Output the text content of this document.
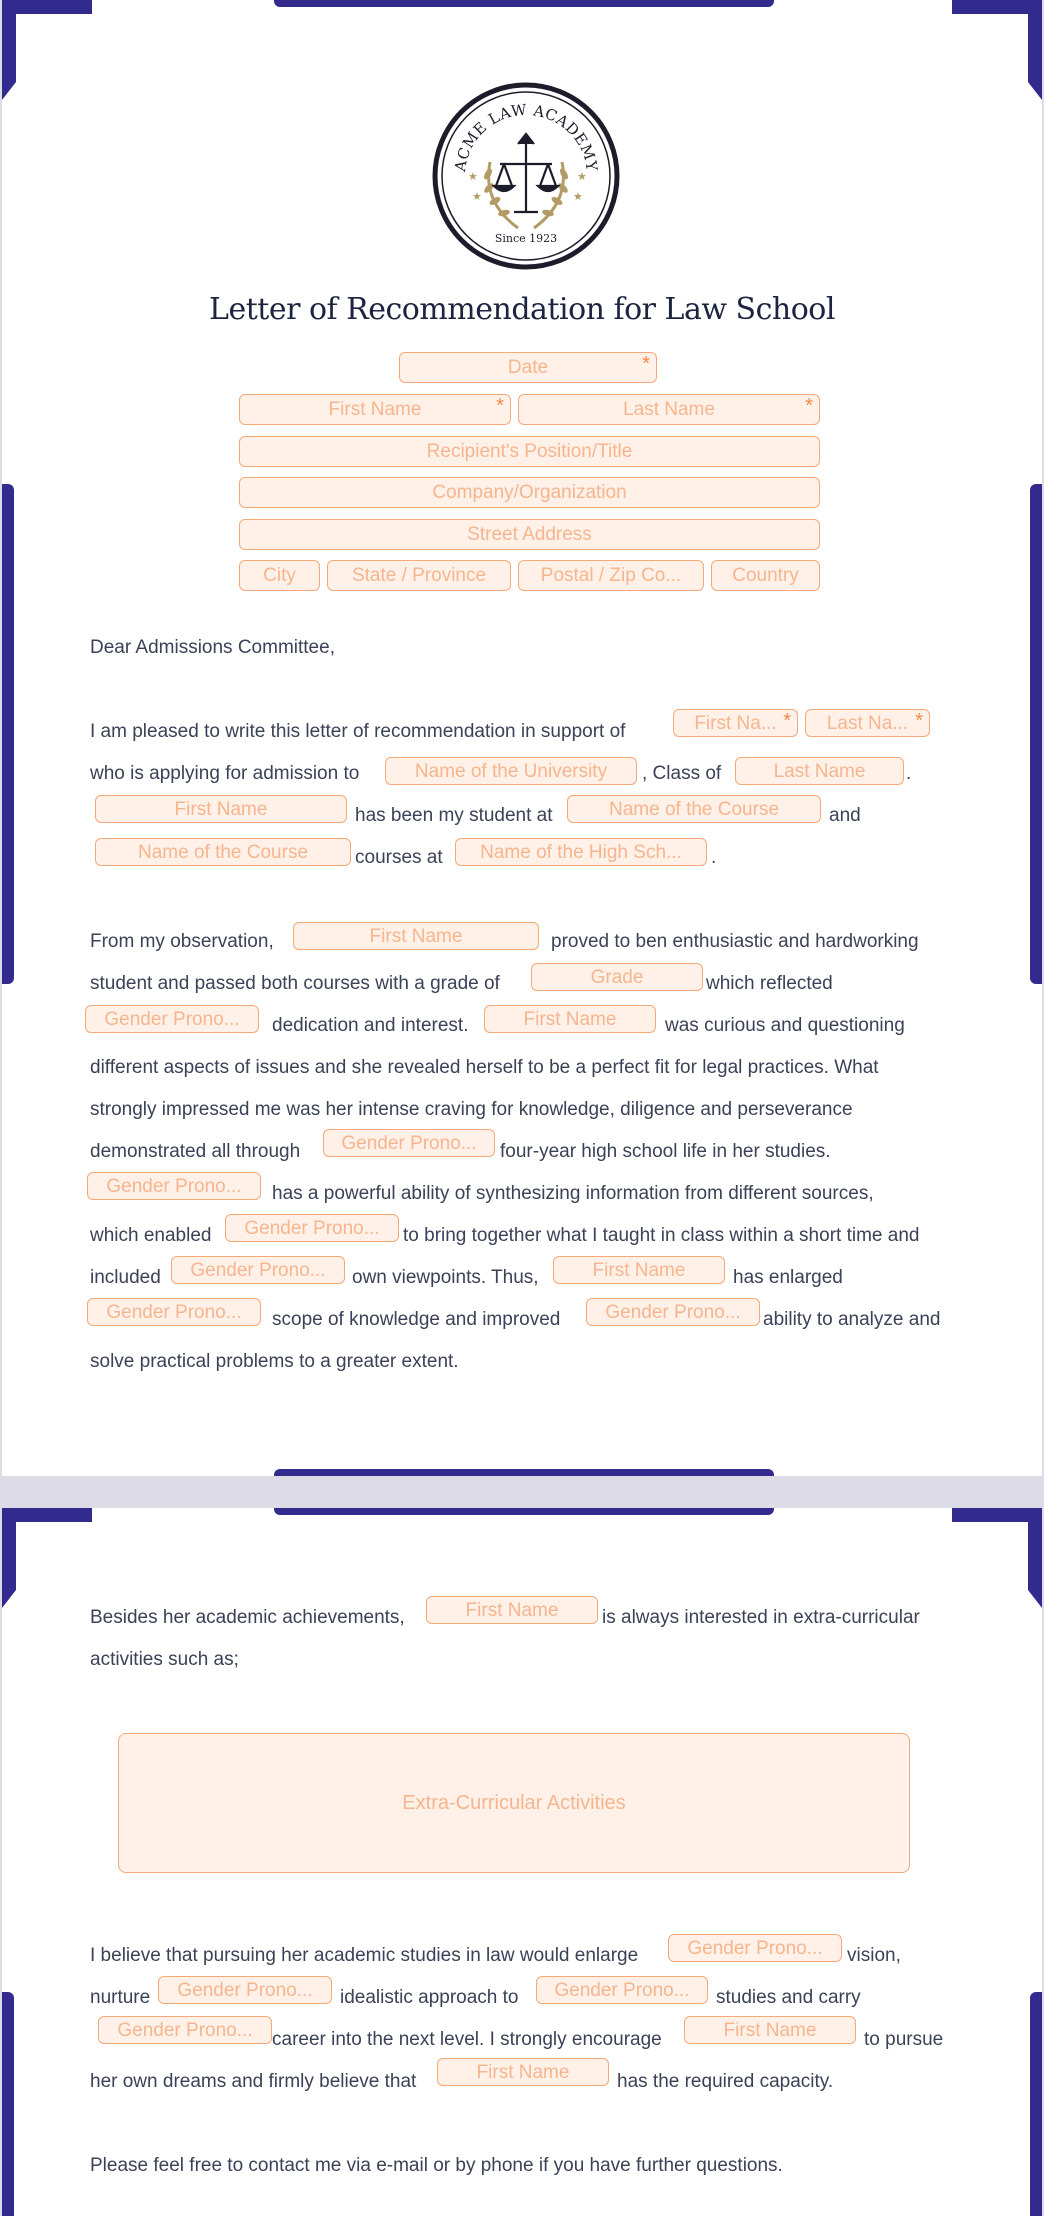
ACME LAW ACADEMY
★
★
★
★
Since 1923
Letter of Recommendation for Law School
Date	*
First Name	*	Last Name	*
Recipient's Position/Title
Company/Organization
Street Address
City	State / Province	Postal / Zip Co...	Country
Dear Admissions Committee,
I am pleased to write this letter of recommendation in support of	First Na... * Last Na... *
who is applying for admission to	Name of the University , Class of	Last Name .
First Name	has been my student at	Name of the Course	and
Name of the Course courses at Name of the High Sch... .
From my observation,	First Name	proved to ben enthusiastic and hardworking
student and passed both courses with a grade of	Grade	which reflected
Gender Prono... dedication and interest.	First Name	was curious and questioning
different aspects of issues and she revealed herself to be a perfect fit for legal practices. What
strongly impressed me was her intense craving for knowledge, diligence and perseverance
demonstrated all through Gender Prono... four-year high school life in her studies.
Gender Prono... has a powerful ability of synthesizing information from different sources,
which enabled Gender Prono... to bring together what I taught in class within a short time and
included Gender Prono... own viewpoints. Thus,	First Name	has enlarged
Gender Prono... scope of knowledge and improved Gender Prono... ability to analyze and
solve practical problems to a greater extent.
Besides her academic achievements,	First Name is always interested in extra-curricular
activities such as;
Extra-Curricular Activities
I believe that pursuing her academic studies in law would enlarge	Gender Prono... vision,
nurture Gender Prono... idealistic approach to Gender Prono... studies and carry
Gender Prono... career into the next level. I strongly encourage	First Name	to pursue
her own dreams and firmly believe that	First Name	has the required capacity.
Please feel free to contact me via e-mail or by phone if you have further questions.
